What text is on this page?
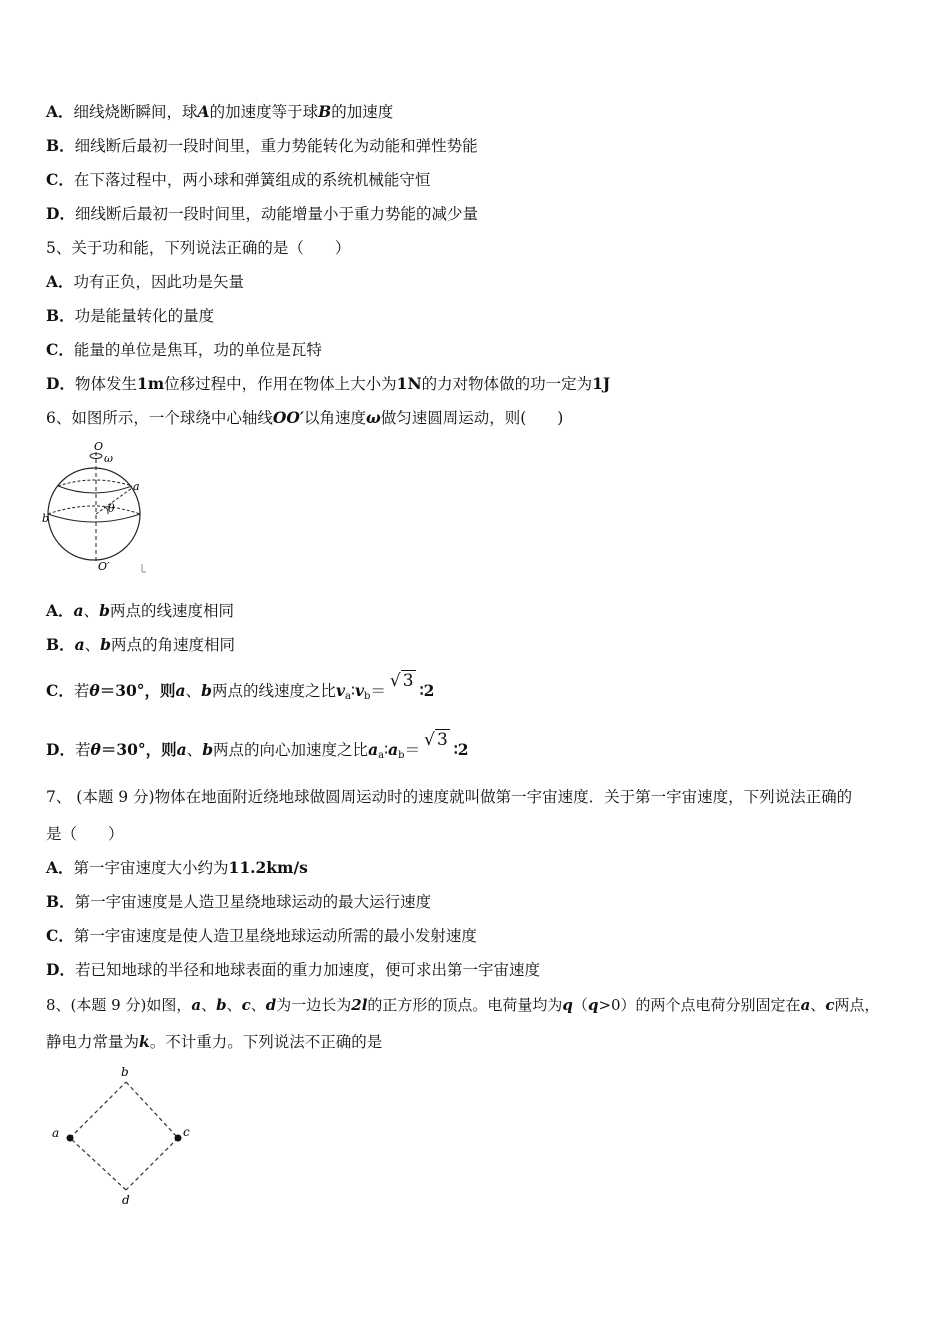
A．细线烧断瞬间，球A的加速度等于球B的加速度
B．细线断后最初一段时间里，重力势能转化为动能和弹性势能
C．在下落过程中，两小球和弹簧组成的系统机械能守恒
D．细线断后最初一段时间里，动能增量小于重力势能的减少量
5、关于功和能，下列说法正确的是（　　）
A．功有正负，因此功是矢量
B．功是能量转化的量度
C．能量的单位是焦耳，功的单位是瓦特
D．物体发生1m位移过程中，作用在物体上大小为1N的力对物体做的功一定为1J
6、如图所示，一个球绕中心轴线OO′以角速度ω做匀速圆周运动，则(　　)
O
ω
a
b
θ
O′
A．a、b两点的线速度相同
B．a、b两点的角速度相同
C．若θ＝30°，则a、b两点的线速度之比$v_a∶v_b=$ √ 3 ∶2
D．若θ＝30°，则a、b两点的向心加速度之比$a_a∶a_b=$ √ 3 ∶2
7、 (本题 9 分)物体在地面附近绕地球做圆周运动时的速度就叫做第一宇宙速度．关于第一宇宙速度，下列说法正确的
是（　　）
A．第一宇宙速度大小约为11.2km/s
B．第一宇宙速度是人造卫星绕地球运动的最大运行速度
C．第一宇宙速度是使人造卫星绕地球运动所需的最小发射速度
D．若已知地球的半径和地球表面的重力加速度，便可求出第一宇宙速度
8、(本题 9 分)如图，a、b、c、d为一边长为2l的正方形的顶点。电荷量均为q（q>0）的两个点电荷分别固定在a、c两点，
静电力常量为k。不计重力。下列说法不正确的是
a
b
c
d
